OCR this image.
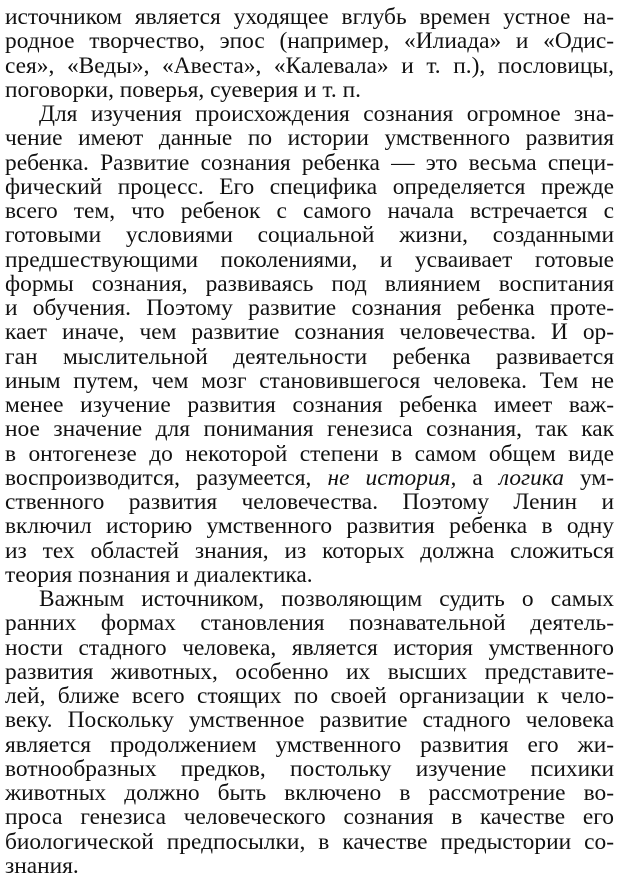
источником является уходящее вглубь времен устное на-
родное творчество, эпос (например, «Илиада» и «Одис-
сея», «Веды», «Авеста», «Калевала» и т. п.), пословицы,
поговорки, поверья, суеверия и т. п.
Для изучения происхождения сознания огромное зна-
чение имеют данные по истории умственного развития
ребенка. Развитие сознания ребенка — это весьма специ-
фический процесс. Его специфика определяется прежде
всего тем, что ребенок с самого начала встречается с
готовыми условиями социальной жизни, созданными
предшествующими поколениями, и усваивает готовые
формы сознания, развиваясь под влиянием воспитания
и обучения. Поэтому развитие сознания ребенка проте-
кает иначе, чем развитие сознания человечества. И ор-
ган мыслительной деятельности ребенка развивается
иным путем, чем мозг становившегося человека. Тем не
менее изучение развития сознания ребенка имеет важ-
ное значение для понимания генезиса сознания, так как
в онтогенезе до некоторой степени в самом общем виде
воспроизводится, разумеется, не история, а логика ум-
ственного развития человечества. Поэтому Ленин и
включил историю умственного развития ребенка в одну
из тех областей знания, из которых должна сложиться
теория познания и диалектика.
Важным источником, позволяющим судить о самых
ранних формах становления познавательной деятель-
ности стадного человека, является история умственного
развития животных, особенно их высших представите-
лей, ближе всего стоящих по своей организации к чело-
веку. Поскольку умственное развитие стадного человека
является продолжением умственного развития его жи-
вотнообразных предков, постольку изучение психики
животных должно быть включено в рассмотрение во-
проса генезиса человеческого сознания в качестве его
биологической предпосылки, в качестве предыстории со-
знания.
